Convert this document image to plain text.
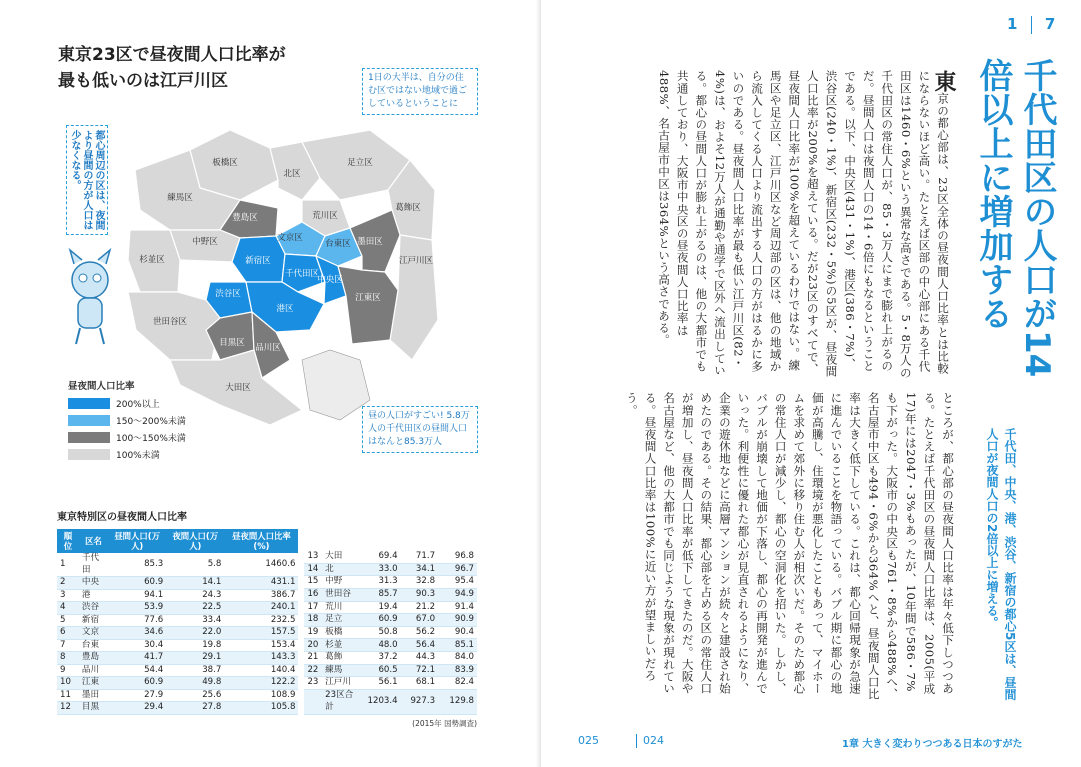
東京23区で昼夜間人口比率が
最も低いのは江戸川区
板橋区
北区
足立区
葛飾区
練馬区
豊島区	荒川区
文京区
台東区 墨田区
中野区
新宿区
千代田区
江戸川区
杉並区
渋谷区
中央区
江東区
港区
世田谷区
目黒区 品川区
大田区
都心周辺の区は、夜間より昼間の方が人口は少なくなる。
1日の大半は、自分の住む区ではない地域で過ごしているということに
昼の人口がすごい! 5.8万人の千代田区の昼間人口はなんと85.3万人
昼夜間人口比率
200%以上
150〜200%未満
100〜150%未満
100%未満
東京特別区の昼夜間人口比率
順位	区名	昼間人口(万人)	夜間人口(万人)	昼夜間人口比率(%)
1	千代田	85.3	5.8	1460.6
2	中央	60.9	14.1	431.1
3	港	94.1	24.3	386.7
4	渋谷	53.9	22.5	240.1
5	新宿	77.6	33.4	232.5
6	文京	34.6	22.0	157.5
7	台東	30.4	19.8	153.4
8	豊島	41.7	29.1	143.3
9	品川	54.4	38.7	140.4
10	江東	60.9	49.8	122.2
11	墨田	27.9	25.6	108.9
12	目黒	29.4	27.8	105.8

13	大田	69.4	71.7	96.8
14	北	33.0	34.1	96.7
15	中野	31.3	32.8	95.4
16	世田谷	85.7	90.3	94.9
17	荒川	19.4	21.2	91.4
18	足立	60.9	67.0	90.9
19	板橋	50.8	56.2	90.4
20	杉並	48.0	56.4	85.1
21	葛飾	37.2	44.3	84.0
22	練馬	60.5	72.1	83.9
23	江戸川	56.1	68.1	82.4
	23区合計	1203.4	927.3	129.8
(2015年 国勢調査)
1 7
千代田区の人口が14倍以上に増加する
千代田、中央、港、渋谷、新宿の都心5区は、昼間人口が夜間人口の2倍以上に増える。
東京の都心部は、23区全体の昼夜間人口比率とは比較にならないほど高い。たとえば区部の中心部にある千代田区は1460・6%という異常な高さである。5・8万人の千代田区の常住人口が、85・3万人にまで膨れ上がるのだ。昼間人口は夜間人口の14・6倍にもなるということである。以下、中央区(431・1%)、港区(386・7%)、渋谷区(240・1%)、新宿区(232・5%)の5区が、昼夜間人口比率が200%を超えている。だが23区のすべてで、昼夜間人口比率が100%を超えているわけではない。練馬区や足立区、江戸川区など周辺部の区は、他の地域から流入してくる人口より流出する人口の方がはるかに多いのである。昼夜間人口比率が最も低い江戸川区(82・4%)は、およそ12万人が通勤や通学で区外へ流出している。都心の昼間人口が膨れ上がるのは、他の大都市でも共通しており、大阪市中央区の昼夜間人口比率は488%、名古屋市中区は364%という高さである。
ところが、都心部の昼夜間人口比率は年々低下しつつある。たとえば千代田区の昼夜間人口比率は、2005(平成17)年には2047・3%もあったが、10年間で586・7%も下がった。大阪市の中央区も761・8%から488%へ、名古屋市中区も494・6%から364%へと、昼夜間人口比率は大きく低下している。これは、都心回帰現象が急速に進んでいることを物語っている。バブル期に都心の地価が高騰し、住環境が悪化したこともあって、マイホームを求めて郊外に移り住む人が相次いだ。そのため都心の常住人口が減少し、都心の空洞化を招いた。しかし、バブルが崩壊して地価が下落し、都心の再開発が進んでいった。利便性に優れた都心が見直されるようになり、企業の遊休地などに高層マンションが続々と建設され始めたのである。その結果、都心部を占める区の常住人口が増加し、昼夜間人口比率が低下してきたのだ。大阪や名古屋など、他の大都市でも同じような現象が現れている。昼夜間人口比率は100%に近い方が望ましいだろう。
025	024	1章 大きく変わりつつある日本のすがた
